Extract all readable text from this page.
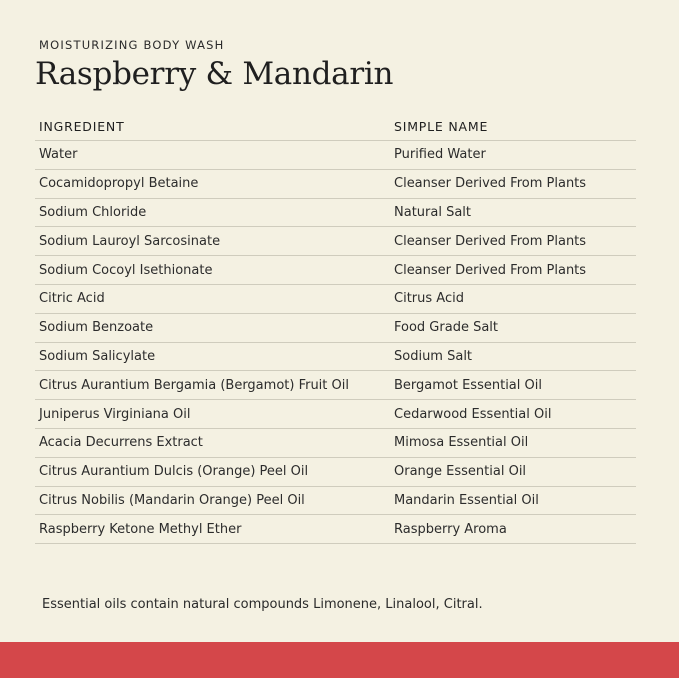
MOISTURIZING BODY WASH
Raspberry & Mandarin
INGREDIENT	SIMPLE NAME
Water	Purified Water
Cocamidopropyl Betaine	Cleanser Derived From Plants
Sodium Chloride	Natural Salt
Sodium Lauroyl Sarcosinate	Cleanser Derived From Plants
Sodium Cocoyl Isethionate	Cleanser Derived From Plants
Citric Acid	Citrus Acid
Sodium Benzoate	Food Grade Salt
Sodium Salicylate	Sodium Salt
Citrus Aurantium Bergamia (Bergamot) Fruit Oil	Bergamot Essential Oil
Juniperus Virginiana Oil	Cedarwood Essential Oil
Acacia Decurrens Extract	Mimosa Essential Oil
Citrus Aurantium Dulcis (Orange) Peel Oil	Orange Essential Oil
Citrus Nobilis (Mandarin Orange) Peel Oil	Mandarin Essential Oil
Raspberry Ketone Methyl Ether	Raspberry Aroma
Essential oils contain natural compounds Limonene, Linalool, Citral.
